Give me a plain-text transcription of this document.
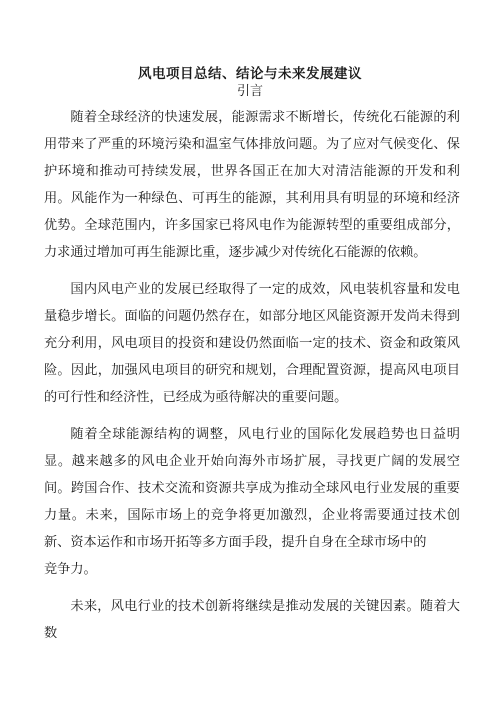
风电项目总结、结论与未来发展建议
引言

随着全球经济的快速发展，能源需求不断增长，传统化石能源的利用带来了严重的环境污染和温室气体排放问题。为了应对气候变化、保护环境和推动可持续发展，世界各国正在加大对清洁能源的开发和利用。风能作为一种绿色、可再生的能源，其利用具有明显的环境和经济优势。全球范围内，许多国家已将风电作为能源转型的重要组成部分，力求通过增加可再生能源比重，逐步减少对传统化石能源的依赖。

国内风电产业的发展已经取得了一定的成效，风电装机容量和发电量稳步增长。面临的问题仍然存在，如部分地区风能资源开发尚未得到充分利用，风电项目的投资和建设仍然面临一定的技术、资金和政策风险。因此，加强风电项目的研究和规划，合理配置资源，提高风电项目的可行性和经济性，已经成为亟待解决的重要问题。

随着全球能源结构的调整，风电行业的国际化发展趋势也日益明显。越来越多的风电企业开始向海外市场扩展，寻找更广阔的发展空间。跨国合作、技术交流和资源共享成为推动全球风电行业发展的重要力量。未来，国际市场上的竞争将更加激烈，企业将需要通过技术创新、资本运作和市场开拓等多方面手段，提升自身在全球市场中的
竞争力。

未来，风电行业的技术创新将继续是推动发展的关键因素。随着大数
